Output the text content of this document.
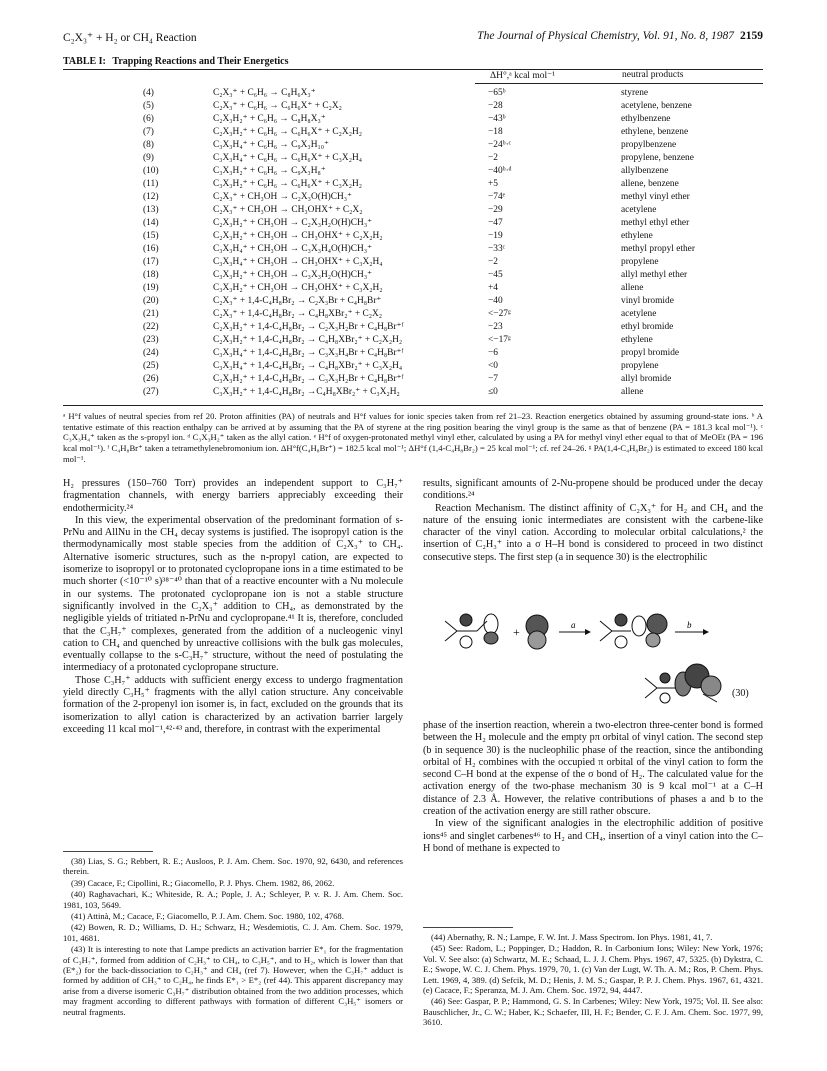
C₂X₃⁺ + H₂ or CH₄ Reaction	The Journal of Physical Chemistry, Vol. 91, No. 8, 1987 2159
TABLE I: Trapping Reactions and Their Energetics
ΔH°,ᵃ kcal mol⁻¹	neutral products
(4)	C₂X₃⁺ + C₆H₆ → C₈H₆X₃⁺	−65ᵇ	styrene
(5)	C₂X₃⁺ + C₆H₆ → C₆H₆X⁺ + C₂X₂	−28	acetylene, benzene
(6)	C₂X₃H₂⁺ + C₆H₆ → C₈H₈X₃⁺	−43ᵇ	ethylbenzene
(7)	C₂X₃H₂⁺ + C₆H₆ → C₆H₆X⁺ + C₂X₂H₂	−18	ethylene, benzene
(8)	C₃X₃H₄⁺ + C₆H₆ → C₉X₃H₁₀⁺	−24ᵇ·ᶜ	propylbenzene
(9)	C₃X₃H₄⁺ + C₆H₆ → C₆H₆X⁺ + C₃X₂H₄	−2	propylene, benzene
(10)	C₃X₃H₂⁺ + C₆H₆ → C₉X₃H₈⁺	−40ᵇ·ᵈ	allylbenzene
(11)	C₃X₃H₂⁺ + C₆H₆ → C₆H₆X⁺ + C₃X₂H₂	+5	allene, benzene
(12)	C₂X₃⁺ + CH₃OH → C₂X₃O(H)CH₃⁺	−74ᵉ	methyl vinyl ether
(13)	C₂X₃⁺ + CH₃OH → CH₃OHX⁺ + C₂X₂	−29	acetylene
(14)	C₂X₃H₂⁺ + CH₃OH → C₂X₃H₂O(H)CH₃⁺	−47	methyl ethyl ether
(15)	C₂X₃H₂⁺ + CH₃OH → CH₃OHX⁺ + C₂X₂H₂	−19	ethylene
(16)	C₃X₃H₄⁺ + CH₃OH → C₃X₃H₄O(H)CH₃⁺	−33ᶜ	methyl propyl ether
(17)	C₃X₃H₄⁺ + CH₃OH → CH₃OHX⁺ + C₃X₂H₄	−2	propylene
(18)	C₃X₃H₂⁺ + CH₃OH → C₃X₃H₂O(H)CH₃⁺	−45	allyl methyl ether
(19)	C₃X₃H₂⁺ + CH₃OH → CH₃OHX⁺ + C₃X₂H₂	+4	allene
(20)	C₂X₃⁺ + 1,4-C₄H₈Br₂ → C₂X₃Br + C₄H₈Br⁺	−40	vinyl bromide
(21)	C₂X₃⁺ + 1,4-C₄H₈Br₂ → C₄H₈XBr₂⁺ + C₂X₂	<−27ᵍ	acetylene
(22)	C₂X₃H₂⁺ + 1,4-C₄H₈Br₂ → C₂X₃H₂Br + C₄H₈Br⁺ᶠ	−23	ethyl bromide
(23)	C₂X₃H₂⁺ + 1,4-C₄H₈Br₂ → C₄H₈XBr₂⁺ + C₂X₂H₂	<−17ᵍ	ethylene
(24)	C₃X₃H₄⁺ + 1,4-C₄H₈Br₂ → C₃X₃H₄Br + C₄H₈Br⁺ᶠ	−6	propyl bromide
(25)	C₃X₃H₄⁺ + 1,4-C₄H₈Br₂ → C₄H₈XBr₂⁺ + C₃X₂H₄	<0	propylene
(26)	C₃X₃H₂⁺ + 1,4-C₄H₈Br₂ → C₃X₃H₂Br + C₄H₈Br⁺ᶠ	−7	allyl bromide
(27)	C₃X₃H₂⁺ + 1,4-C₄H₈Br₂ →C₄H₈XBr₂⁺ + C₃X₂H₂	≤0	allene
ᵃ H°f values of neutral species from ref 20. Proton affinities (PA) of neutrals and H°f values for ionic species taken from ref 21–23. Reaction energetics obtained by assuming ground-state ions. ᵇ A tentative estimate of this reaction enthalpy can be arrived at by assuming that the PA of styrene at the ring position bearing the vinyl group is the same as that of benzene (PA = 181.3 kcal mol⁻¹). ᶜ C₃X₃H₄⁺ taken as the s-propyl ion. ᵈ C₃X₃H₂⁺ taken as the allyl cation. ᵉ H°f of oxygen-protonated methyl vinyl ether, calculated by using a PA for methyl vinyl ether equal to that of MeOEt (PA = 196 kcal mol⁻¹). ᶠ C₄H₈Br⁺ taken a tetramethylenebromonium ion. ΔH°f(C₄H₈Br⁺) = 182.5 kcal mol⁻¹; ΔH°f (1,4-C₄H₈Br₂) = 25 kcal mol⁻¹; cf. ref 24–26. ᵍ PA(1,4-C₄H₈Br₂) is estimated to exceed 180 kcal mol⁻¹.

H₂ pressures (150–760 Torr) provides an independent support to C₃H₇⁺ fragmentation channels, with energy barriers appreciably exceeding their endothermicity.²⁴

In this view, the experimental observation of the predominant formation of s-PrNu and AllNu in the CH₄ decay systems is justified. The isopropyl cation is the thermodynamically most stable species from the addition of C₂X₃⁺ to CH₄. Alternative isomeric structures, such as the n-propyl cation, are expected to isomerize to isopropyl or to protonated cyclopropane ions in a time estimated to be much shorter (<10⁻¹⁰ s)³⁸⁻⁴⁰ than that of a reactive encounter with a Nu molecule in our systems. The protonated cyclopropane ion is not a stable structure significantly involved in the C₂X₃⁺ addition to CH₄, as demonstrated by the negligible yields of tritiated n-PrNu and cyclopropane.⁴¹ It is, therefore, concluded that the C₃H₇⁺ complexes, generated from the addition of a nucleogenic vinyl cation to CH₄ and quenched by unreactive collisions with the bulk gas molecules, eventually collapse to the s-C₃H₇⁺ structure, without the need of postulating the intermediacy of a protonated cyclopropane structure.

Those C₃H₇⁺ adducts with sufficient energy excess to undergo fragmentation yield directly C₃H₅⁺ fragments with the allyl cation structure. Any conceivable formation of the 2-propenyl ion isomer is, in fact, excluded on the grounds that its isomerization to allyl cation is characterized by an activation barrier largely exceeding 11 kcal mol⁻¹,⁴²·⁴³ and, therefore, in contrast with the experimental

(38) Lias, S. G.; Rebbert, R. E.; Ausloos, P. J. Am. Chem. Soc. 1970, 92, 6430, and references therein.

(39) Cacace, F.; Cipollini, R.; Giacomello, P. J. Phys. Chem. 1982, 86, 2062.

(40) Raghavachari, K.; Whiteside, R. A.; Pople, J. A.; Schleyer, P. v. R. J. Am. Chem. Soc. 1981, 103, 5649.

(41) Attinà, M.; Cacace, F.; Giacomello, P. J. Am. Chem. Soc. 1980, 102, 4768.

(42) Bowen, R. D.; Williams, D. H.; Schwarz, H.; Wesdemiotis, C. J. Am. Chem. Soc. 1979, 101, 4681.

(43) It is interesting to note that Lampe predicts an activation barrier E*₁ for the fragmentation of C₃H₇⁺, formed from addition of C₂H₃⁺ to CH₄, to C₃H₅⁺, and to H₂, which is lower than that (E*₂) for the back-dissociation to C₂H₃⁺ and CH₄ (ref 7). However, when the C₃H₇⁺ adduct is formed by addition of CH₃⁺ to C₂H₄, he finds E*₁ > E*₂ (ref 44). This apparent discrepancy may arise from a diverse isomeric C₃H₇⁺ distribution obtained from the two addition processes, which may fragment according to different pathways with formation of different C₃H₅⁺ isomers or neutral fragments.

results, significant amounts of 2-Nu-propene should be produced under the decay conditions.²⁴

Reaction Mechanism. The distinct affinity of C₂X₃⁺ for H₂ and CH₄ and the nature of the ensuing ionic intermediates are consistent with the carbene-like character of the vinyl cation. According to molecular orbital calculations,² the insertion of C₂H₃⁺ into a σ H–H bond is considered to proceed in two distinct consecutive steps. The first step (a in sequence 30) is the electrophilic

+	a	b
(30)

phase of the insertion reaction, wherein a two-electron three-center bond is formed between the H₂ molecule and the empty pπ orbital of vinyl cation. The second step (b in sequence 30) is the nucleophilic phase of the reaction, since the antibonding orbital of H₂ combines with the occupied π orbital of the vinyl cation to form the second C–H bond at the expense of the σ bond of H₂. The calculated value for the activation energy of the two-phase mechanism 30 is 9 kcal mol⁻¹ at a C–H distance of 2.3 Å. However, the relative contributions of phases a and b to the creation of the activation energy are still rather obscure.

In view of the significant analogies in the electrophilic addition of positive ions⁴⁵ and singlet carbenes⁴⁶ to H₂ and CH₄, insertion of a vinyl cation into the C–H bond of methane is expected to

(44) Abernathy, R. N.; Lampe, F. W. Int. J. Mass Spectrom. Ion Phys. 1981, 41, 7.

(45) See: Radom, L.; Poppinger, D.; Haddon, R. In Carbonium Ions; Wiley: New York, 1976; Vol. V. See also: (a) Schwartz, M. E.; Schaad, L. J. J. Chem. Phys. 1967, 47, 5325. (b) Dykstra, C. E.; Swope, W. C. J. Chem. Phys. 1979, 70, 1. (c) Van der Lugt, W. Th. A. M.; Ros, P. Chem. Phys. Lett. 1969, 4, 389. (d) Sefcik, M. D.; Henis, J. M. S.; Gaspar, P. P. J. Chem. Phys. 1967, 61, 4321. (e) Cacace, F.; Speranza, M. J. Am. Chem. Soc. 1972, 94, 4447.

(46) See: Gaspar, P. P.; Hammond, G. S. In Carbenes; Wiley: New York, 1975; Vol. II. See also: Bauschlicher, Jr., C. W.; Haber, K.; Schaefer, III, H. F.; Bender, C. F. J. Am. Chem. Soc. 1977, 99, 3610.
